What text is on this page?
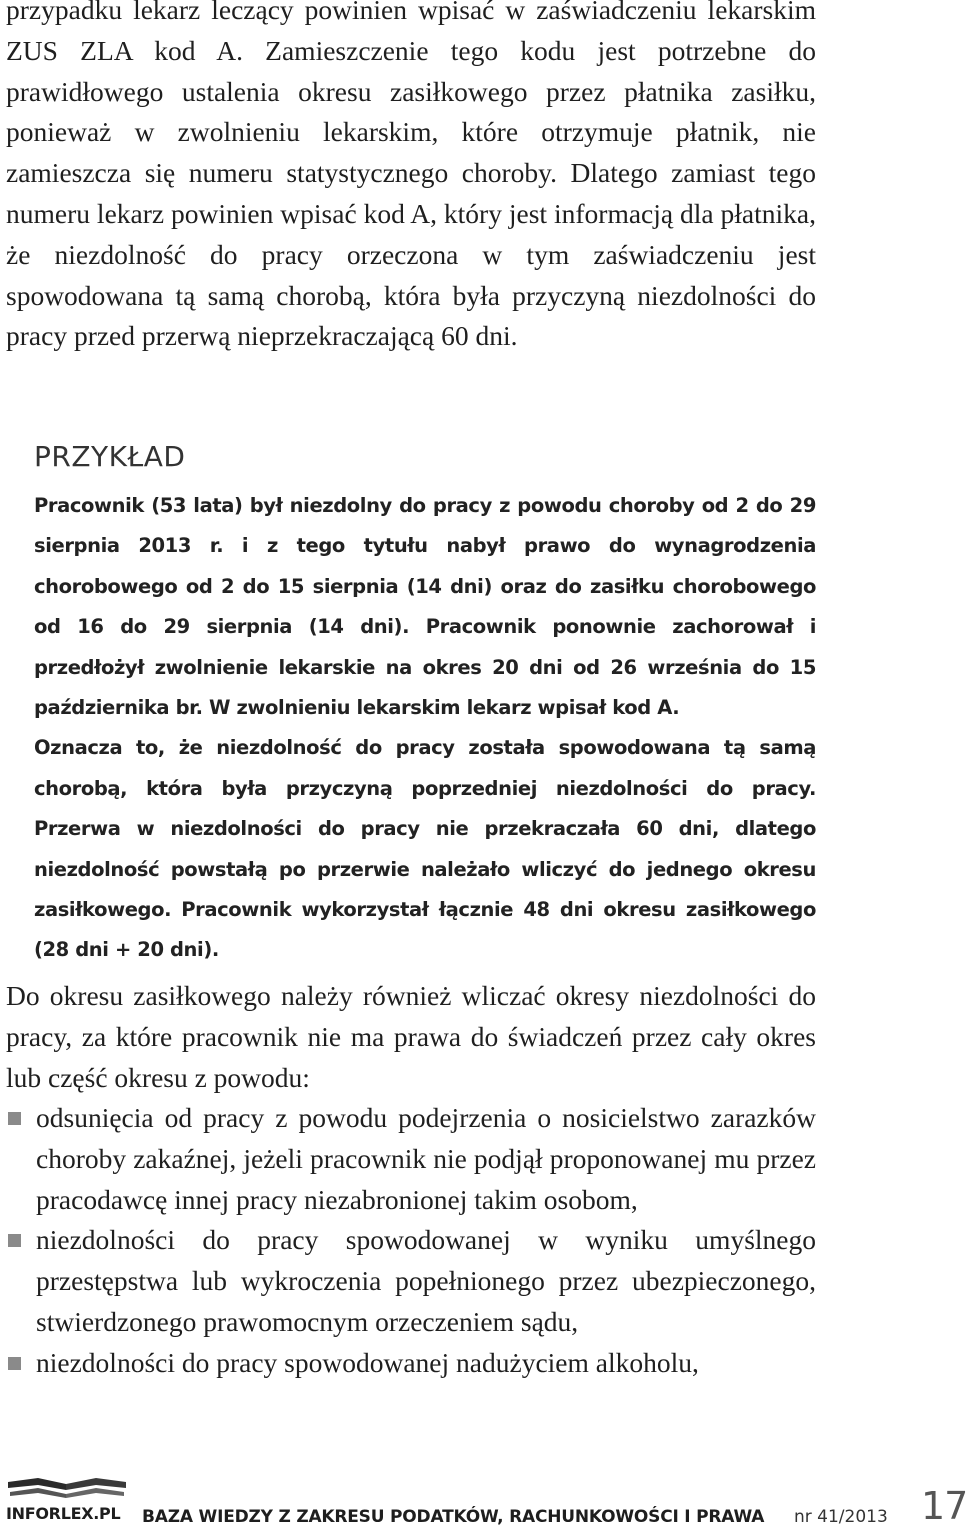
przypadku lekarz leczący powinien wpisać w zaświadczeniu lekarskim ZUS ZLA kod A. Zamieszczenie tego kodu jest potrzebne do prawidłowego ustalenia okresu zasiłkowego przez płatnika zasiłku, ponieważ w zwolnieniu lekarskim, które otrzymuje płatnik, nie zamieszcza się numeru statystycznego choroby. Dlatego zamiast tego numeru lekarz powinien wpisać kod A, który jest informacją dla płatnika, że niezdolność do pracy orzeczona w tym zaświadczeniu jest spowodowana tą samą chorobą, która była przyczyną niezdolności do pracy przed przerwą nieprzekraczającą 60 dni.

PRZYKŁAD

Pracownik (53 lata) był niezdolny do pracy z powodu choroby od 2 do 29 sierpnia 2013 r. i z tego tytułu nabył prawo do wynagrodzenia chorobowego od 2 do 15 sierpnia (14 dni) oraz do zasiłku chorobowego od 16 do 29 sierpnia (14 dni). Pracownik ponownie zachorował i przedłożył zwolnienie lekarskie na okres 20 dni od 26 września do 15 października br. W zwolnieniu lekarskim lekarz wpisał kod A.

Oznacza to, że niezdolność do pracy została spowodowana tą samą chorobą, która była przyczyną poprzedniej niezdolności do pracy. Przerwa w niezdolności do pracy nie przekraczała 60 dni, dlatego niezdolność powstałą po przerwie należało wliczyć do jednego okresu zasiłkowego. Pracownik wykorzystał łącznie 48 dni okresu zasiłkowego (28 dni + 20 dni).

Do okresu zasiłkowego należy również wliczać okresy niezdolności do pracy, za które pracownik nie ma prawa do świadczeń przez cały okres lub część okresu z powodu:

odsunięcia od pracy z powodu podejrzenia o nosicielstwo zarazków choroby zakaźnej, jeżeli pracownik nie podjął proponowanej mu przez pracodawcę innej pracy niezabronionej takim osobom,
niezdolności do pracy spowodowanej w wyniku umyślnego przestępstwa lub wykroczenia popełnionego przez ubezpieczonego, stwierdzonego prawomocnym orzeczeniem sądu,
niezdolności do pracy spowodowanej nadużyciem alkoholu,
INFORLEX.PL BAZA WIEDZY Z ZAKRESU PODATKÓW, RACHUNKOWOŚCI I PRAWA nr 41/2013 17
